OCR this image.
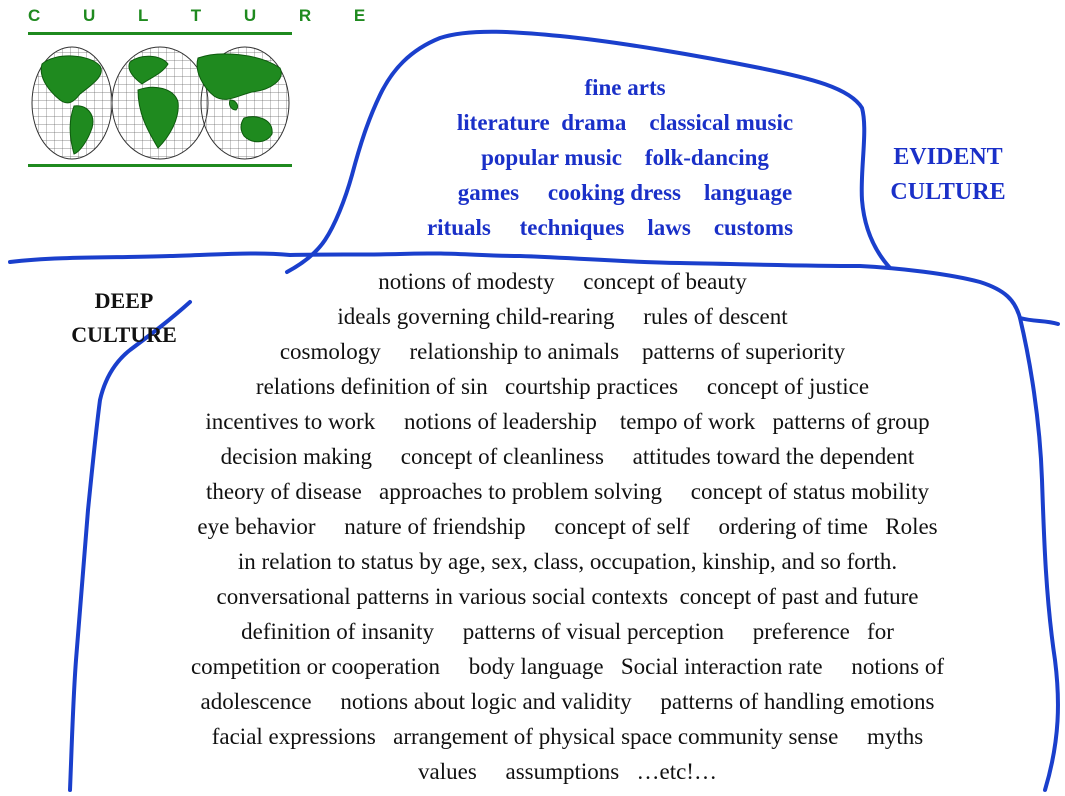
C U L T U R E
EVIDENT
CULTURE
DEEP
CULTURE
fine arts
literature  drama    classical music
popular music    folk-dancing
games     cooking dress    language
rituals     techniques    laws    customs
notions of modesty     concept of beauty
ideals governing child-rearing     rules of descent
cosmology     relationship to animals    patterns of superiority
relations definition of sin   courtship practices     concept of justice
incentives to work     notions of leadership    tempo of work   patterns of group
decision making     concept of cleanliness     attitudes toward the dependent
theory of disease   approaches to problem solving     concept of status mobility
eye behavior     nature of friendship     concept of self     ordering of time   Roles
in relation to status by age, sex, class, occupation, kinship, and so forth.
conversational patterns in various social contexts  concept of past and future
definition of insanity     patterns of visual perception     preference   for
competition or cooperation     body language   Social interaction rate     notions of
adolescence     notions about logic and validity     patterns of handling emotions
facial expressions   arrangement of physical space community sense     myths
values     assumptions   …etc!…
